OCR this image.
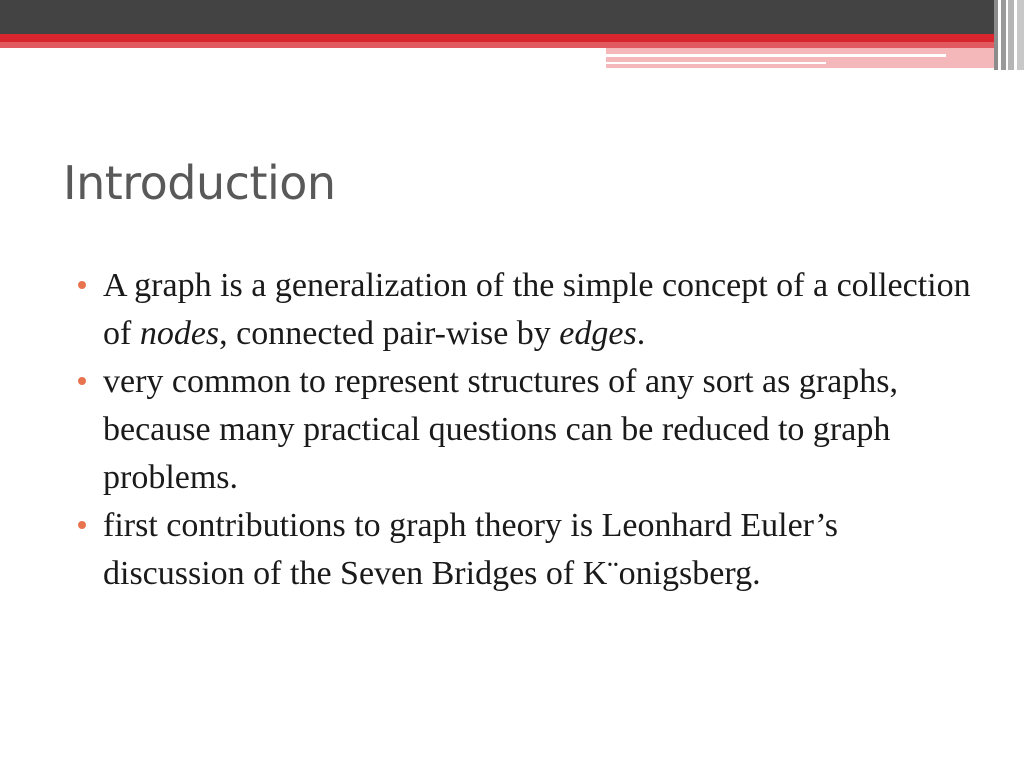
Introduction
A graph is a generalization of the simple concept of a collection of nodes, connected pair-wise by edges.
very common to represent structures of any sort as graphs, because many practical questions can be reduced to graph problems.
first contributions to graph theory is Leonhard Euler’s discussion of the Seven Bridges of K¨onigsberg.
